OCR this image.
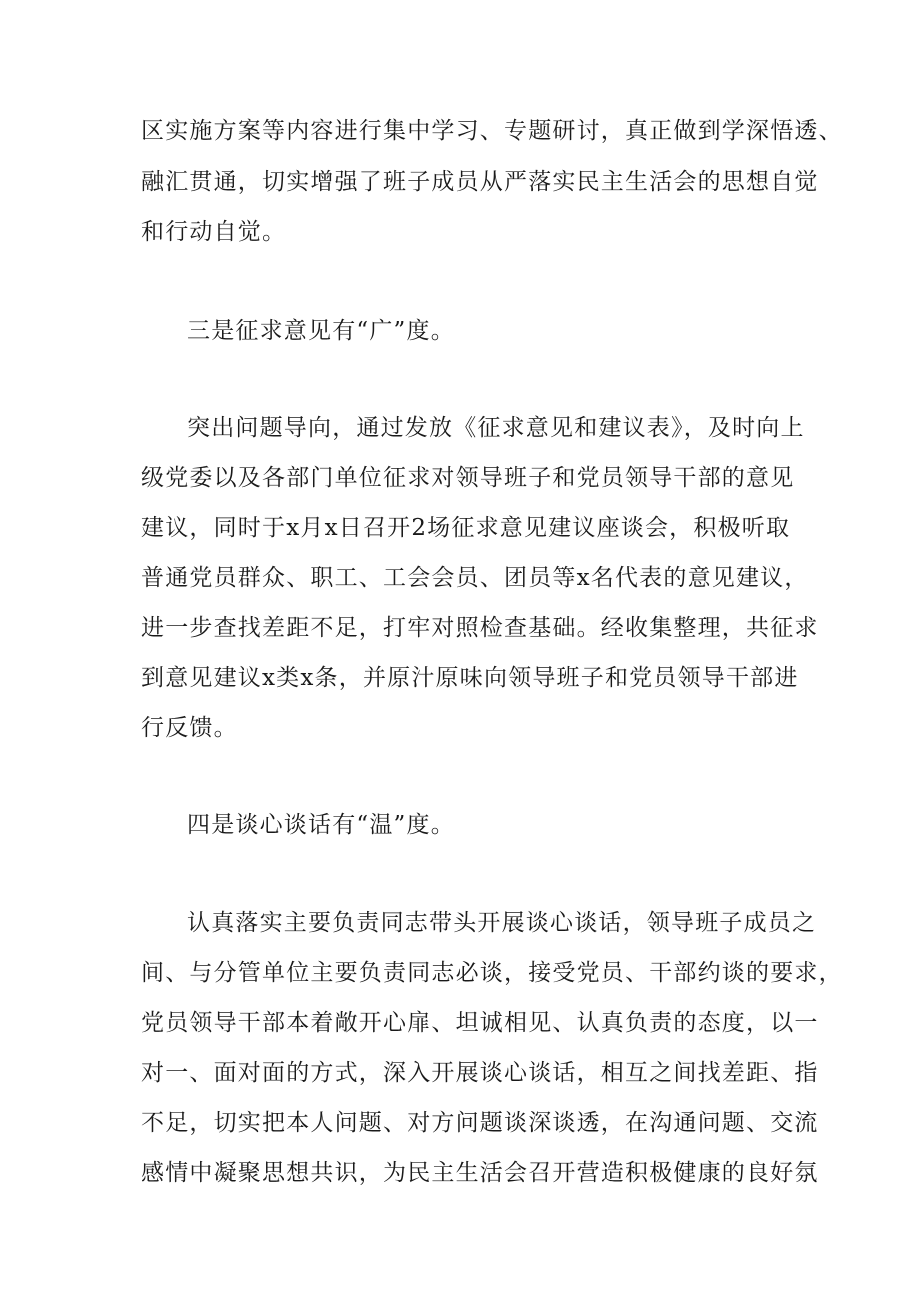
区实施方案等内容进行集中学习、专题研讨，真正做到学深悟透、
融汇贯通，切实增强了班子成员从严落实民主生活会的思想自觉
和行动自觉。
三是征求意见有“广”度。
突出问题导向，通过发放《征求意见和建议表》，及时向上
级党委以及各部门单位征求对领导班子和党员领导干部的意见
建议，同时于x月x日召开2场征求意见建议座谈会，积极听取
普通党员群众、职工、工会会员、团员等x名代表的意见建议，
进一步查找差距不足，打牢对照检查基础。经收集整理，共征求
到意见建议x类x条，并原汁原味向领导班子和党员领导干部进
行反馈。
四是谈心谈话有“温”度。
认真落实主要负责同志带头开展谈心谈话，领导班子成员之
间、与分管单位主要负责同志必谈，接受党员、干部约谈的要求，
党员领导干部本着敞开心扉、坦诚相见、认真负责的态度，以一
对一、面对面的方式，深入开展谈心谈话，相互之间找差距、指
不足，切实把本人问题、对方问题谈深谈透，在沟通问题、交流
感情中凝聚思想共识，为民主生活会召开营造积极健康的良好氛
